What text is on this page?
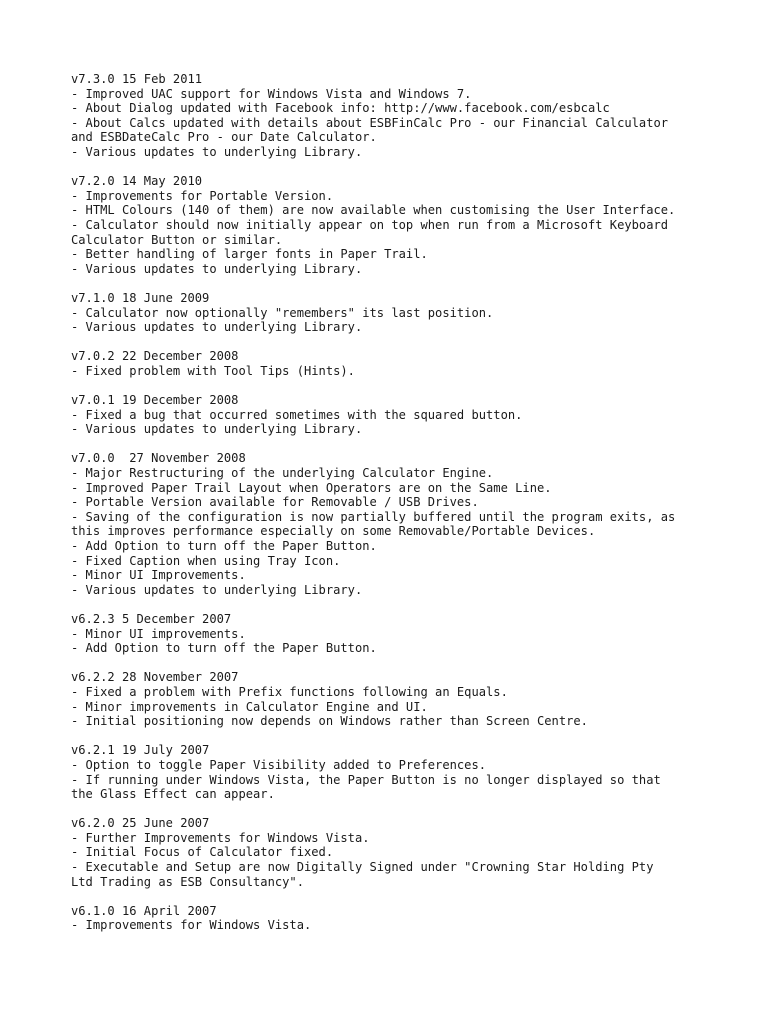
v7.3.0 15 Feb 2011
- Improved UAC support for Windows Vista and Windows 7.
- About Dialog updated with Facebook info: http://www.facebook.com/esbcalc
- About Calcs updated with details about ESBFinCalc Pro - our Financial Calculator
and ESBDateCalc Pro - our Date Calculator.
- Various updates to underlying Library.
v7.2.0 14 May 2010
- Improvements for Portable Version.
- HTML Colours (140 of them) are now available when customising the User Interface.
- Calculator should now initially appear on top when run from a Microsoft Keyboard
Calculator Button or similar.
- Better handling of larger fonts in Paper Trail.
- Various updates to underlying Library.
v7.1.0 18 June 2009
- Calculator now optionally "remembers" its last position.
- Various updates to underlying Library.
v7.0.2 22 December 2008
- Fixed problem with Tool Tips (Hints).
v7.0.1 19 December 2008
- Fixed a bug that occurred sometimes with the squared button.
- Various updates to underlying Library.
v7.0.0  27 November 2008
- Major Restructuring of the underlying Calculator Engine.
- Improved Paper Trail Layout when Operators are on the Same Line.
- Portable Version available for Removable / USB Drives.
- Saving of the configuration is now partially buffered until the program exits, as
this improves performance especially on some Removable/Portable Devices.
- Add Option to turn off the Paper Button.
- Fixed Caption when using Tray Icon.
- Minor UI Improvements.
- Various updates to underlying Library.
v6.2.3 5 December 2007
- Minor UI improvements.
- Add Option to turn off the Paper Button.
v6.2.2 28 November 2007
- Fixed a problem with Prefix functions following an Equals.
- Minor improvements in Calculator Engine and UI.
- Initial positioning now depends on Windows rather than Screen Centre.
v6.2.1 19 July 2007
- Option to toggle Paper Visibility added to Preferences.
- If running under Windows Vista, the Paper Button is no longer displayed so that
the Glass Effect can appear.
v6.2.0 25 June 2007
- Further Improvements for Windows Vista.
- Initial Focus of Calculator fixed.
- Executable and Setup are now Digitally Signed under "Crowning Star Holding Pty
Ltd Trading as ESB Consultancy".
v6.1.0 16 April 2007
- Improvements for Windows Vista.
